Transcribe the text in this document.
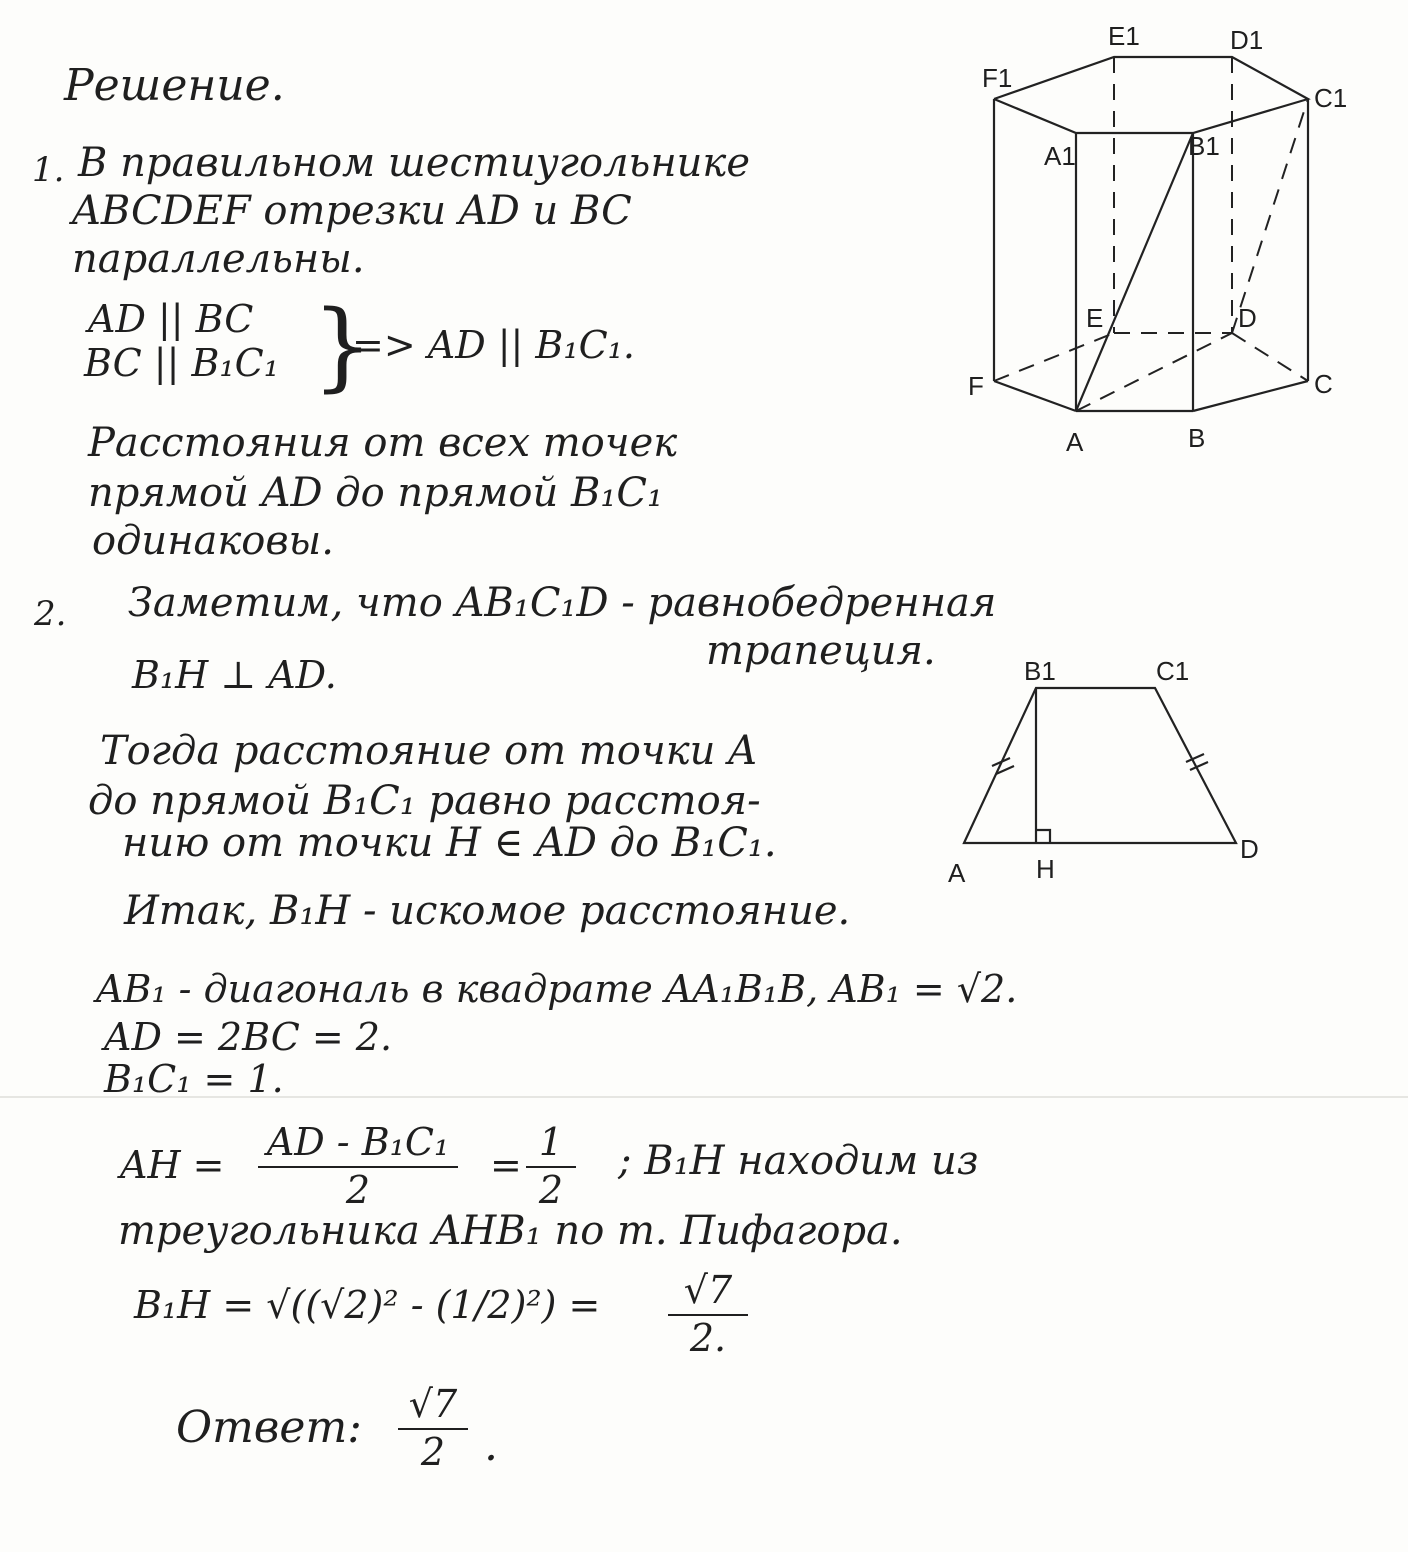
Решение.
1. В правильном шестиугольнике
ABCDEF отрезки AD и BC
параллельны.
AD || BC
BC || B₁C₁ }
=> AD || B₁C₁.
Расстояния от всех точек
прямой AD до прямой B₁C₁
одинаковы.
2. Заметим, что AB₁C₁D - равнобедренная
трапеция.
B₁H ⊥ AD.
Тогда расстояние от точки A
до прямой B₁C₁ равно расстоя-
нию от точки H ∈ AD до B₁C₁.
Итак, B₁H - искомое расстояние.
AB₁ - диагональ в квадрате AA₁B₁B, AB₁ = √2.
AD = 2BC = 2.
B₁C₁ = 1.
AH =
AD - B₁C₁
2
=
1
2
; B₁H находим из
треугольника AHB₁ по т. Пифагора.
B₁H = √((√2)² - (1/2)²) =	√7
2.
Ответ: √7
2 .
F1
E1	D1
C1
A1	B1
E	D
F	C
A	B
B1	C1
A	H
D
